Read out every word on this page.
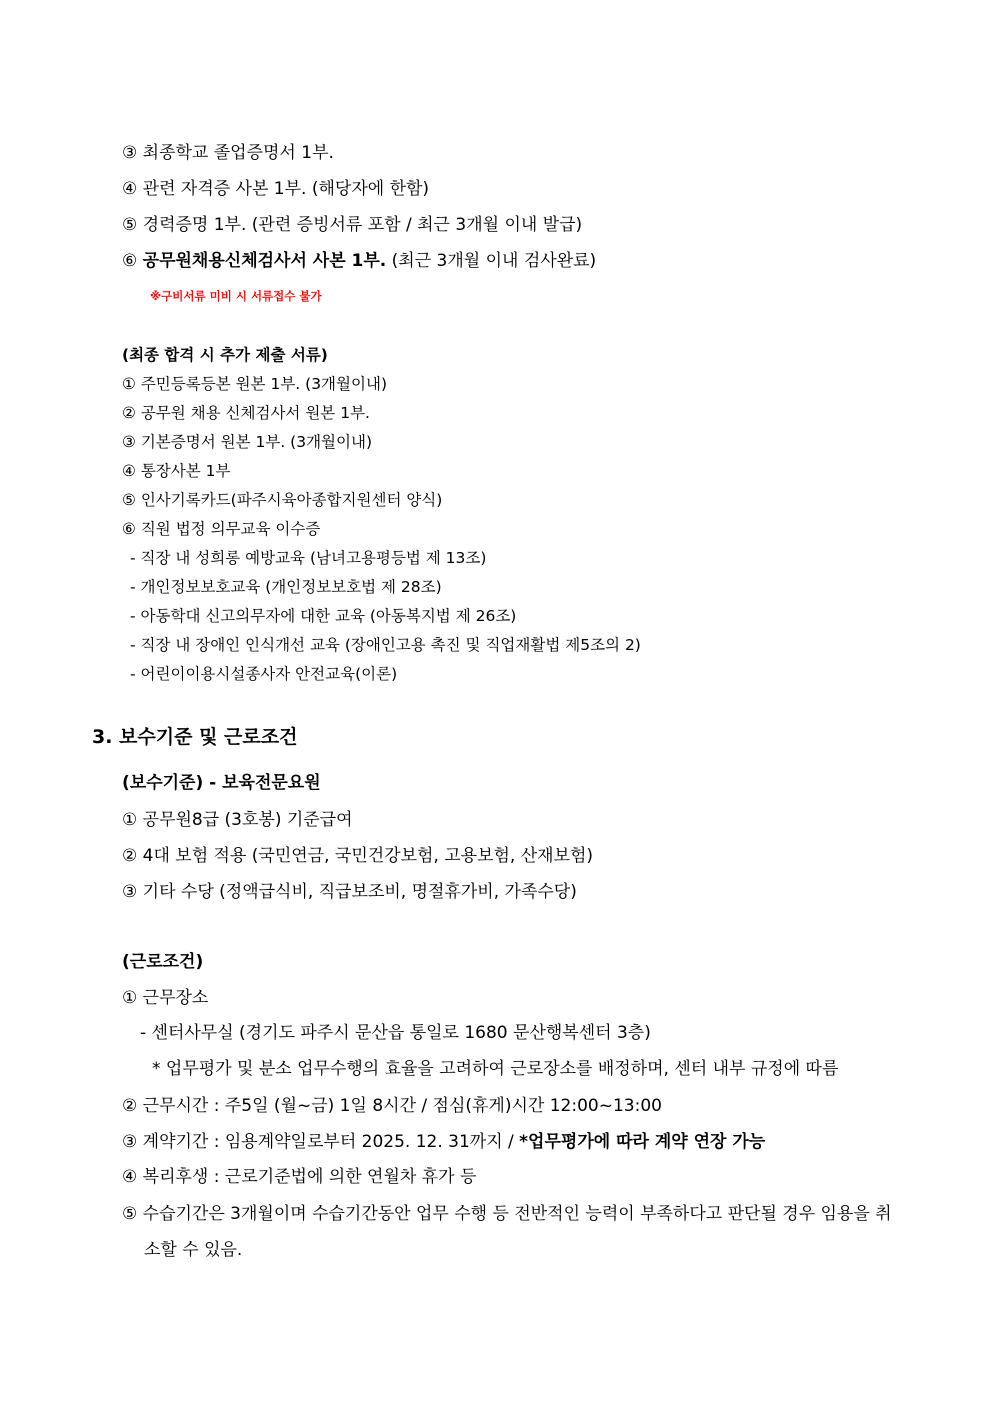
③ 최종학교 졸업증명서 1부.
④ 관련 자격증 사본 1부. (해당자에 한함)
⑤ 경력증명 1부. (관련 증빙서류 포함 / 최근 3개월 이내 발급)
⑥ 공무원채용신체검사서 사본 1부. (최근 3개월 이내 검사완료)
※구비서류 미비 시 서류접수 불가
(최종 합격 시 추가 제출 서류)
① 주민등록등본 원본 1부. (3개월이내)
② 공무원 채용 신체검사서 원본 1부.
③ 기본증명서 원본 1부. (3개월이내)
④ 통장사본 1부
⑤ 인사기록카드(파주시육아종합지원센터 양식)
⑥ 직원 법정 의무교육 이수증
- 직장 내 성희롱 예방교육 (남녀고용평등법 제 13조)
- 개인정보보호교육 (개인정보보호법 제 28조)
- 아동학대 신고의무자에 대한 교육 (아동복지법 제 26조)
- 직장 내 장애인 인식개선 교육 (장애인고용 촉진 및 직업재활법 제5조의 2)
- 어린이이용시설종사자 안전교육(이론)
3. 보수기준 및 근로조건
(보수기준) - 보육전문요원
① 공무원8급 (3호봉) 기준급여
② 4대 보험 적용 (국민연금, 국민건강보험, 고용보험, 산재보험)
③ 기타 수당 (정액급식비, 직급보조비, 명절휴가비, 가족수당)
(근로조건)
① 근무장소
- 센터사무실 (경기도 파주시 문산읍 통일로 1680 문산행복센터 3층)
* 업무평가 및 분소 업무수행의 효율을 고려하여 근로장소를 배정하며, 센터 내부 규정에 따름
② 근무시간 : 주5일 (월~금) 1일 8시간 / 점심(휴게)시간 12:00~13:00
③ 계약기간 : 임용계약일로부터 2025. 12. 31까지 / *업무평가에 따라 계약 연장 가능
④ 복리후생 : 근로기준법에 의한 연월차 휴가 등
⑤ 수습기간은 3개월이며 수습기간동안 업무 수행 등 전반적인 능력이 부족하다고 판단될 경우 임용을 취
소할 수 있음.
